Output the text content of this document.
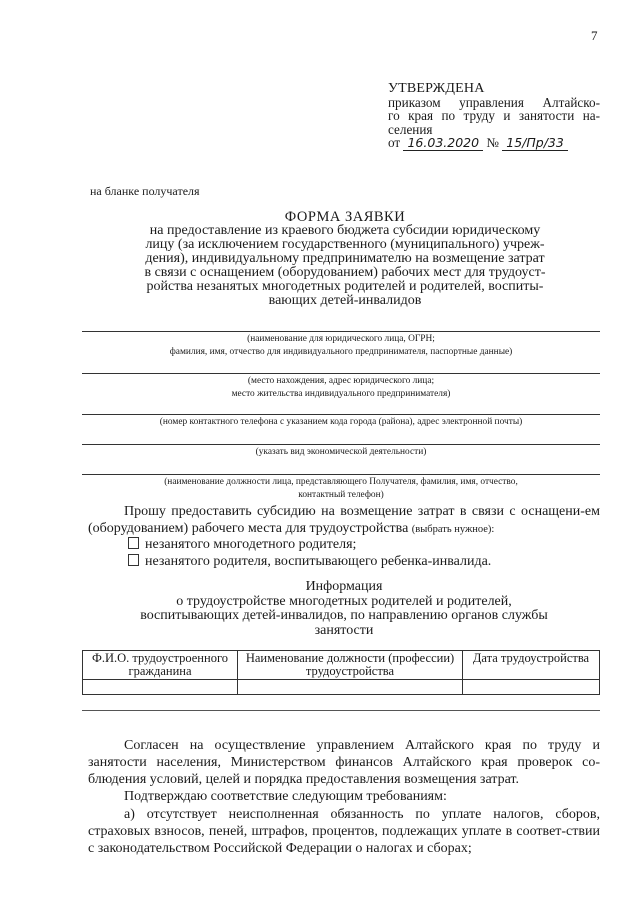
7
УТВЕРЖДЕНА
приказом управления Алтайско-
го края по труду и занятости на-
селения
от 16.03.2020 № 15/Пр/33
на бланке получателя
ФОРМА ЗАЯВКИ
на предоставление из краевого бюджета субсидии юридическому
лицу (за исключением государственного (муниципального) учреж-
дения), индивидуальному предпринимателю на возмещение затрат
в связи с оснащением (оборудованием) рабочих мест для трудоуст-
ройства незанятых многодетных родителей и родителей, воспиты-
вающих детей-инвалидов
(наименование для юридического лица, ОГРН;
фамилия, имя, отчество для индивидуального предпринимателя, паспортные данные)
(место нахождения, адрес юридического лица;
место жительства индивидуального предпринимателя)
(номер контактного телефона с указанием кода города (района), адрес электронной почты)
(указать вид экономической деятельности)
(наименование должности лица, представляющего Получателя, фамилия, имя, отчество,
контактный телефон)
Прошу предоставить субсидию на возмещение затрат в связи с оснащени-ем (оборудованием) рабочего места для трудоустройства (выбрать нужное):
незанятого многодетного родителя;
незанятого родителя, воспитывающего ребенка-инвалида.
Информация
о трудоустройстве многодетных родителей и родителей,
воспитывающих детей-инвалидов, по направлению органов службы
занятости
Ф.И.О. трудоустроенного гражданина	Наименование должности (профессии) трудоустройства	Дата трудоустройства

Согласен на осуществление управлением Алтайского края по труду и занятости населения, Министерством финансов Алтайского края проверок со-блюдения условий, целей и порядка предоставления возмещения затрат.
Подтверждаю соответствие следующим требованиям:
а) отсутствует неисполненная обязанность по уплате налогов, сборов, страховых взносов, пеней, штрафов, процентов, подлежащих уплате в соответ-ствии с законодательством Российской Федерации о налогах и сборах;
